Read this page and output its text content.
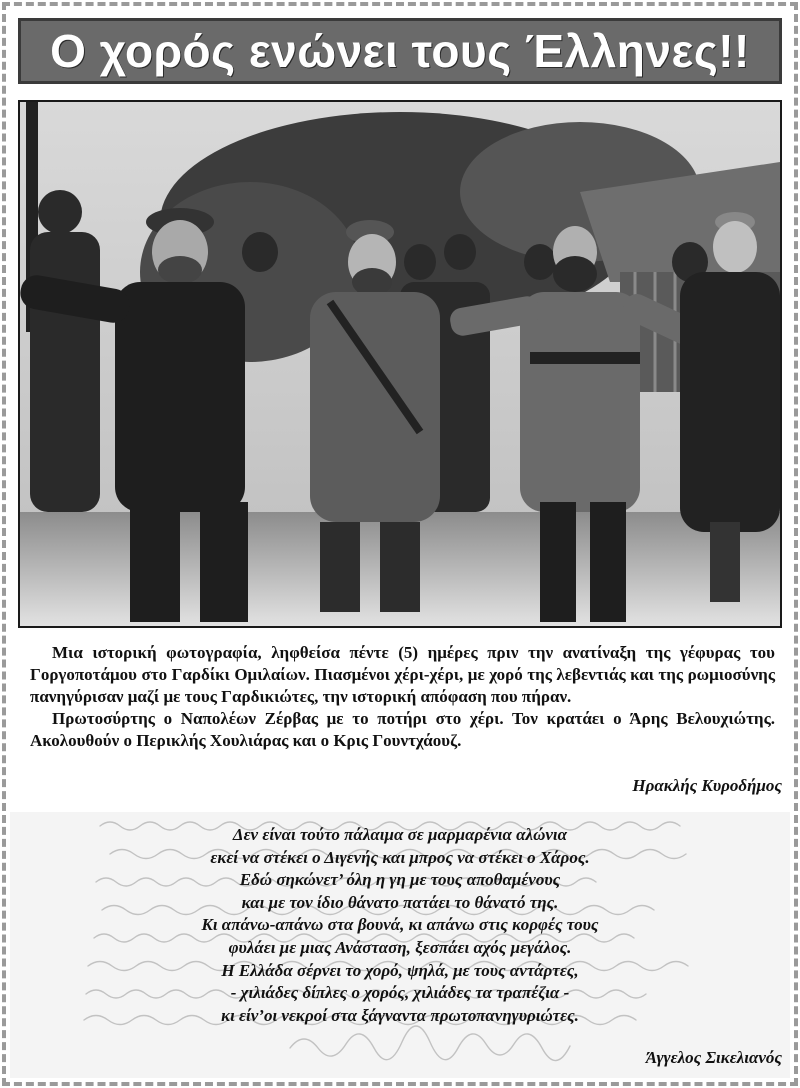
Ο χορός ενώνει τους Έλληνες!!

Μια ιστορική φωτογραφία, ληφθείσα πέντε (5) ημέρες πριν την ανατίναξη της γέφυρας του Γοργοποτάμου στο Γαρδίκι Ομιλαίων. Πιασμένοι χέρι-χέρι, με χορό της λεβεντιάς και της ρωμιοσύνης πανηγύρισαν μαζί με τους Γαρδικιώτες, την ιστορική απόφαση που πήραν.

Πρωτοσύρτης ο Ναπολέων Ζέρβας με το ποτήρι στο χέρι. Τον κρατάει ο Άρης Βελουχιώτης. Ακολουθούν ο Περικλής Χουλιάρας και ο Κρις Γουντχάουζ.

Ηρακλής Κυροδήμος
Δεν είναι τούτο πάλαιμα σε μαρμαρένια αλώνια
εκεί να στέκει ο Διγενής και μπρος να στέκει ο Χάρος.
Εδώ σηκώνετ’ όλη η γη με τους αποθαμένους
και με τον ίδιο θάνατο πατάει το θάνατό της.
Κι απάνω-απάνω στα βουνά, κι απάνω στις κορφές τους
φυλάει με μιας Ανάσταση, ξεσπάει αχός μεγάλος.
Η Ελλάδα σέρνει το χορό, ψηλά, με τους αντάρτες,
- χιλιάδες δίπλες ο χορός, χιλιάδες τα τραπέζια -
κι είν’οι νεκροί στα ξάγναντα πρωτοπανηγυριώτες.
Άγγελος Σικελιανός
